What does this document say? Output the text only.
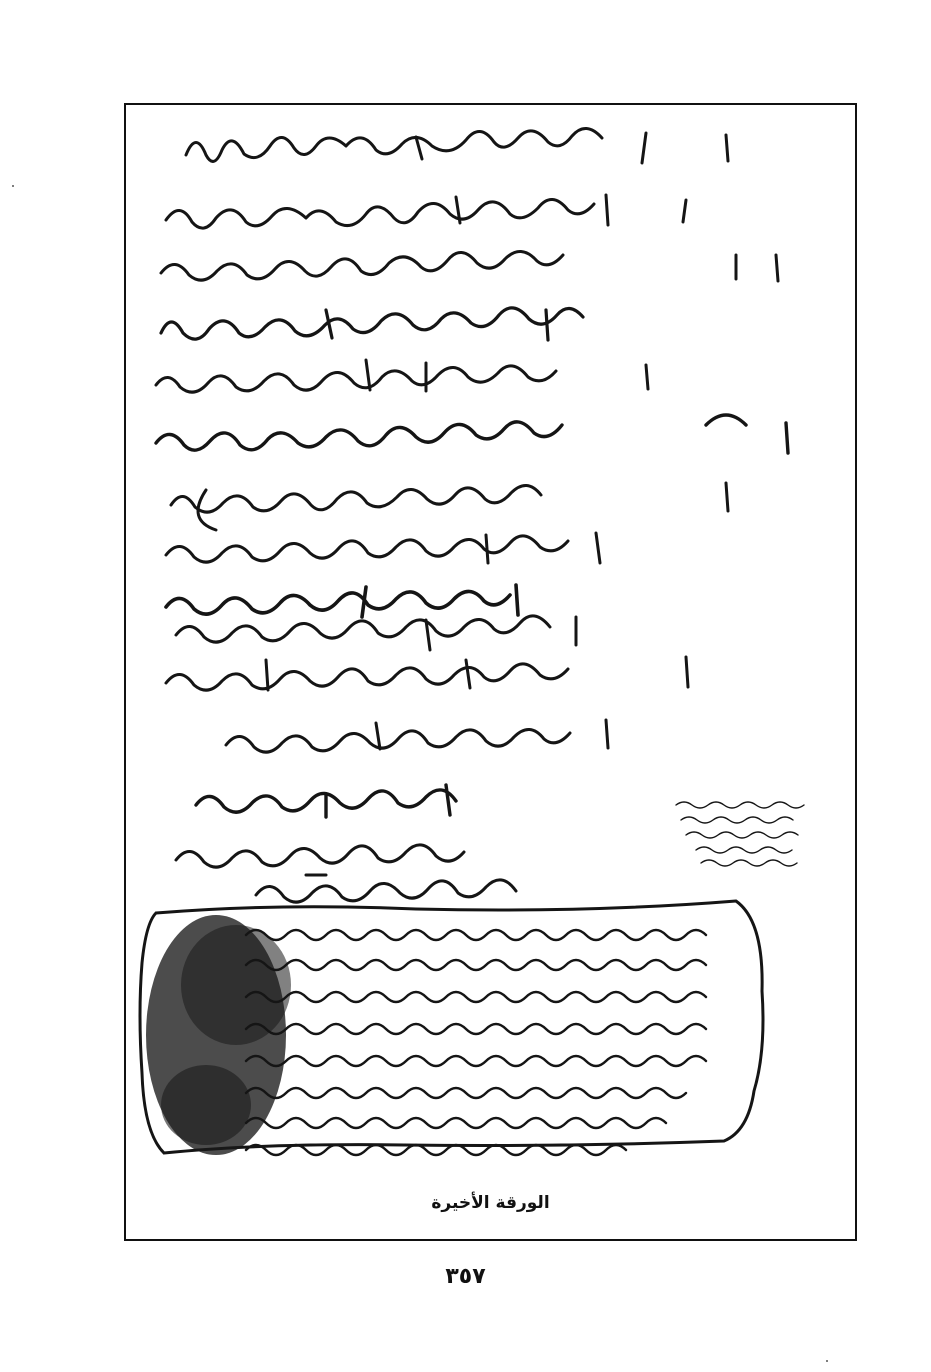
الورقة الأخيرة
٣٥٧
